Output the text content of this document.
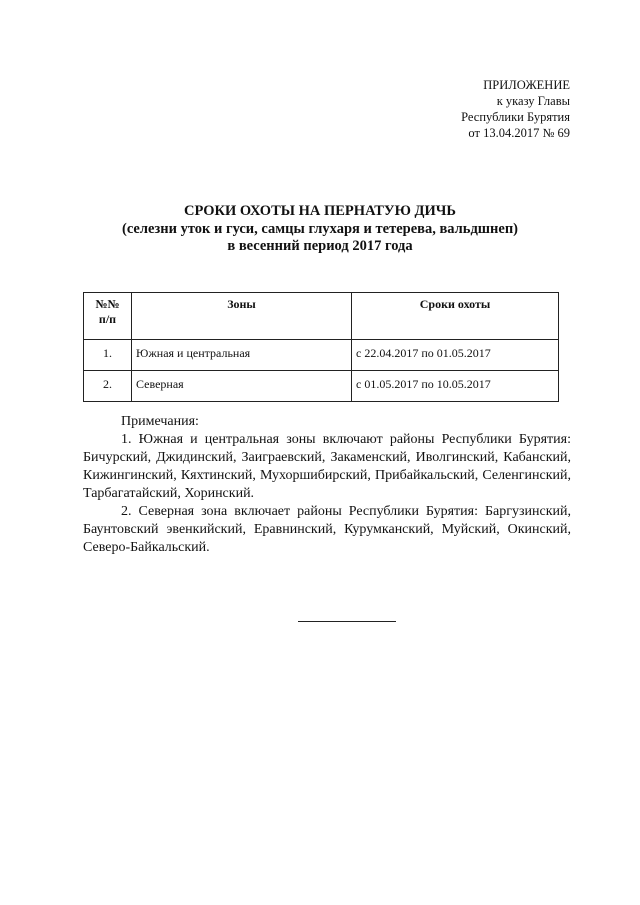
ПРИЛОЖЕНИЕ
к указу Главы
Республики Бурятия
от 13.04.2017 № 69
СРОКИ ОХОТЫ НА ПЕРНАТУЮ ДИЧЬ
(селезни уток и гуси, самцы глухаря и тетерева, вальдшнеп)
в весенний период 2017 года
№№
п/п	Зоны	Сроки охоты
1.	Южная и центральная	с 22.04.2017 по 01.05.2017
2.	Северная	с 01.05.2017 по 10.05.2017

Примечания:

1. Южная и центральная зоны включают районы Республики Бурятия: Бичурский, Джидинский, Заиграевский, Закаменский, Иволгинский, Кабанский, Кижингинский, Кяхтинский, Мухоршибирский, Прибайкальский, Селенгинский, Тарбагатайский, Хоринский.

2. Северная зона включает районы Республики Бурятия: Баргузинский, Баунтовский эвенкийский, Еравнинский, Курумканский, Муйский, Окинский, Северо-Байкальский.
